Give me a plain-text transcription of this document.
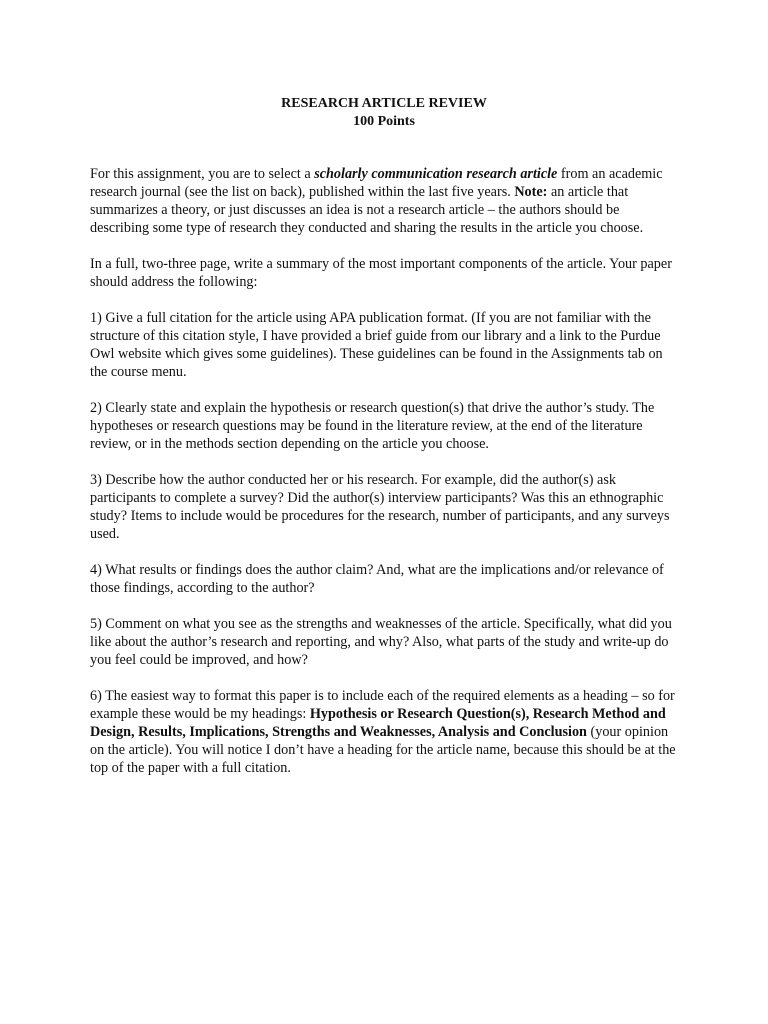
RESEARCH ARTICLE REVIEW
100 Points

For this assignment, you are to select a scholarly communication research article from an academic research journal (see the list on back), published within the last five years. Note: an article that summarizes a theory, or just discusses an idea is not a research article – the authors should be describing some type of research they conducted and sharing the results in the article you choose.

In a full, two-three page, write a summary of the most important components of the article. Your paper should address the following:

1) Give a full citation for the article using APA publication format. (If you are not familiar with the structure of this citation style, I have provided a brief guide from our library and a link to the Purdue Owl website which gives some guidelines). These guidelines can be found in the Assignments tab on the course menu.

2) Clearly state and explain the hypothesis or research question(s) that drive the author’s study. The hypotheses or research questions may be found in the literature review, at the end of the literature review, or in the methods section depending on the article you choose.

3) Describe how the author conducted her or his research. For example, did the author(s) ask participants to complete a survey? Did the author(s) interview participants? Was this an ethnographic study? Items to include would be procedures for the research, number of participants, and any surveys used.

4) What results or findings does the author claim? And, what are the implications and/or relevance of those findings, according to the author?

5) Comment on what you see as the strengths and weaknesses of the article. Specifically, what did you like about the author’s research and reporting, and why? Also, what parts of the study and write-up do you feel could be improved, and how?

6) The easiest way to format this paper is to include each of the required elements as a heading – so for example these would be my headings: Hypothesis or Research Question(s), Research Method and Design, Results, Implications, Strengths and Weaknesses, Analysis and Conclusion (your opinion on the article). You will notice I don’t have a heading for the article name, because this should be at the top of the paper with a full citation.
